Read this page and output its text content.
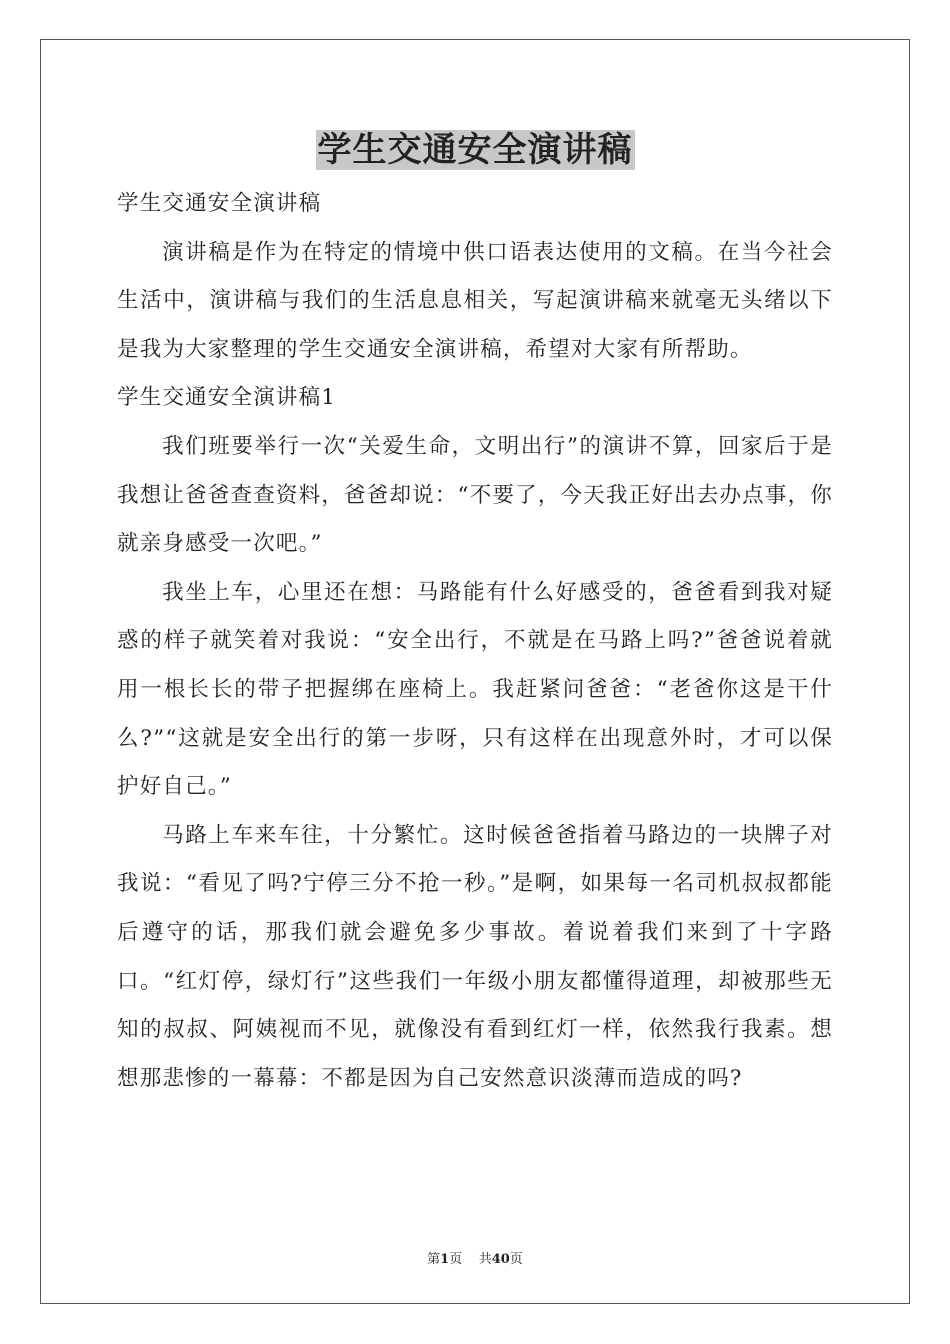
学生交通安全演讲稿

学生交通安全演讲稿

演讲稿是作为在特定的情境中供口语表达使用的文稿。在当今社会生活中，演讲稿与我们的生活息息相关，写起演讲稿来就毫无头绪以下是我为大家整理的学生交通安全演讲稿，希望对大家有所帮助。

学生交通安全演讲稿1

我们班要举行一次“关爱生命，文明出行”的演讲不算，回家后于是我想让爸爸查查资料，爸爸却说：“不要了，今天我正好出去办点事，你就亲身感受一次吧。”

我坐上车，心里还在想：马路能有什么好感受的，爸爸看到我对疑惑的样子就笑着对我说：“安全出行，不就是在马路上吗?”爸爸说着就用一根长长的带子把握绑在座椅上。我赶紧问爸爸：“老爸你这是干什么?”“这就是安全出行的第一步呀，只有这样在出现意外时，才可以保护好自己。”

马路上车来车往，十分繁忙。这时候爸爸指着马路边的一块牌子对我说：“看见了吗?宁停三分不抢一秒。”是啊，如果每一名司机叔叔都能后遵守的话，那我们就会避免多少事故。着说着我们来到了十字路口。“红灯停，绿灯行”这些我们一年级小朋友都懂得道理，却被那些无知的叔叔、阿姨视而不见，就像没有看到红灯一样，依然我行我素。想想那悲惨的一幕幕：不都是因为自己安然意识淡薄而造成的吗?

第1页 共40页
